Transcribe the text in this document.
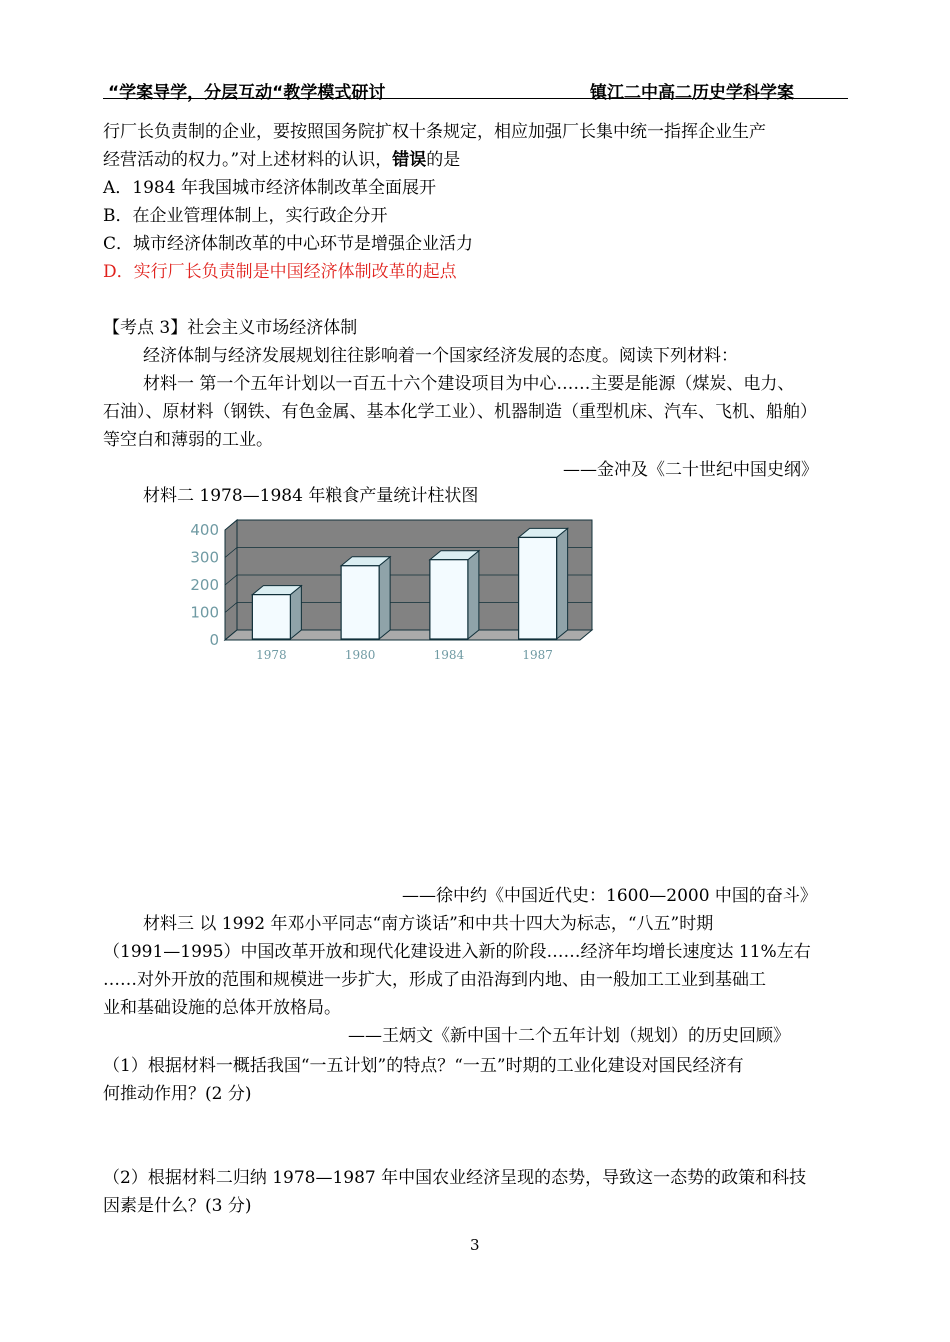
“学案导学，分层互动“教学模式研讨	镇江二中高二历史学科学案
行厂长负责制的企业，要按照国务院扩权十条规定，相应加强厂长集中统一指挥企业生产
经营活动的权力。”对上述材料的认识，错误的是
A．1984 年我国城市经济体制改革全面展开
B．在企业管理体制上，实行政企分开
C．城市经济体制改革的中心环节是增强企业活力
D．实行厂长负责制是中国经济体制改革的起点
【考点 3】社会主义市场经济体制
经济体制与经济发展规划往往影响着一个国家经济发展的态度。阅读下列材料：
材料一 第一个五年计划以一百五十六个建设项目为中心……主要是能源（煤炭、电力、
石油）、原材料（钢铁、有色金属、基本化学工业）、机器制造（重型机床、汽车、飞机、船舶）
等空白和薄弱的工业。
——金冲及《二十世纪中国史纲》
材料二 1978—1984 年粮食产量统计柱状图
0
100
200
300
400
1978	1980	1984	1987
——徐中约《中国近代史：1600—2000 中国的奋斗》
材料三 以 1992 年邓小平同志“南方谈话”和中共十四大为标志，“八五”时期
（1991—1995）中国改革开放和现代化建设进入新的阶段……经济年均增长速度达 11%左右
……对外开放的范围和规模进一步扩大，形成了由沿海到内地、由一般加工工业到基础工
业和基础设施的总体开放格局。
——王炳文《新中国十二个五年计划（规划）的历史回顾》
（1）根据材料一概括我国“一五计划”的特点？“一五”时期的工业化建设对国民经济有
何推动作用？(2 分)
（2）根据材料二归纳 1978—1987 年中国农业经济呈现的态势，导致这一态势的政策和科技
因素是什么？(3 分)
3
